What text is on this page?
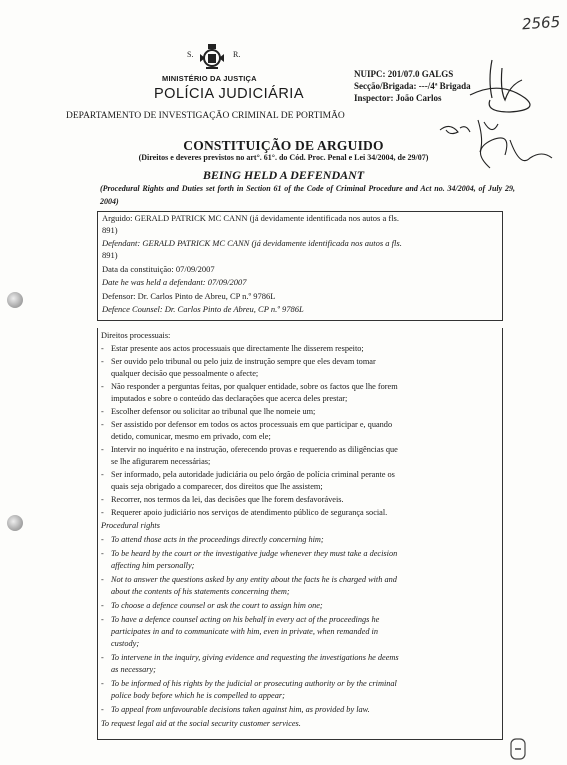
2565
S.	R.
MINISTÉRIO DA JUSTIÇA
POLÍCIA JUDICIÁRIA
NUIPC: 201/07.0 GALGS
Secção/Brigada: ---/4ª Brigada
Inspector: João Carlos
DEPARTAMENTO DE INVESTIGAÇÃO CRIMINAL DE PORTIMÃO
CONSTITUIÇÃO DE ARGUIDO
(Direitos e deveres previstos no art°. 61°. do Cód. Proc. Penal e Lei 34/2004, de 29/07)
BEING HELD A DEFENDANT
(Procedural Rights and Duties set forth in Section 61 of the Code of Criminal Procedure and Act no. 34/2004, of July 29, 2004)
Arguido: GERALD PATRICK MC CANN (já devidamente identificada nos autos a fls.
891)
Defendant: GERALD PATRICK MC CANN (já devidamente identificada nos autos a fls.
891)
Data da constituição: 07/09/2007
Date he was held a defendant: 07/09/2007
Defensor: Dr. Carlos Pinto de Abreu, CP n.º 9786L
Defence Counsel: Dr. Carlos Pinto de Abreu, CP n.º 9786L
Direitos processuais:
- Estar presente aos actos processuais que directamente lhe disserem respeito;
- Ser ouvido pelo tribunal ou pelo juiz de instrução sempre que eles devam tomar
qualquer decisão que pessoalmente o afecte;
- Não responder a perguntas feitas, por qualquer entidade, sobre os factos que lhe forem
imputados e sobre o conteúdo das declarações que acerca deles prestar;
- Escolher defensor ou solicitar ao tribunal que lhe nomeie um;
- Ser assistido por defensor em todos os actos processuais em que participar e, quando
detido, comunicar, mesmo em privado, com ele;
- Intervir no inquérito e na instrução, oferecendo provas e requerendo as diligências que
se lhe afigurarem necessárias;
- Ser informado, pela autoridade judiciária ou pelo órgão de polícia criminal perante os
quais seja obrigado a comparecer, dos direitos que lhe assistem;
- Recorrer, nos termos da lei, das decisões que lhe forem desfavoráveis.
- Requerer apoio judiciário nos serviços de atendimento público de segurança social.
Procedural rights
- To attend those acts in the proceedings directly concerning him;
- To be heard by the court or the investigative judge whenever they must take a decision
affecting him personally;
- Not to answer the questions asked by any entity about the facts he is charged with and
about the contents of his statements concerning them;
- To choose a defence counsel or ask the court to assign him one;
- To have a defence counsel acting on his behalf in every act of the proceedings he
participates in and to communicate with him, even in private, when remanded in
custody;
- To intervene in the inquiry, giving evidence and requesting the investigations he deems
as necessary;
- To be informed of his rights by the judicial or prosecuting authority or by the criminal
police body before which he is compelled to appear;
- To appeal from unfavourable decisions taken against him, as provided by law.
To request legal aid at the social security customer services.
